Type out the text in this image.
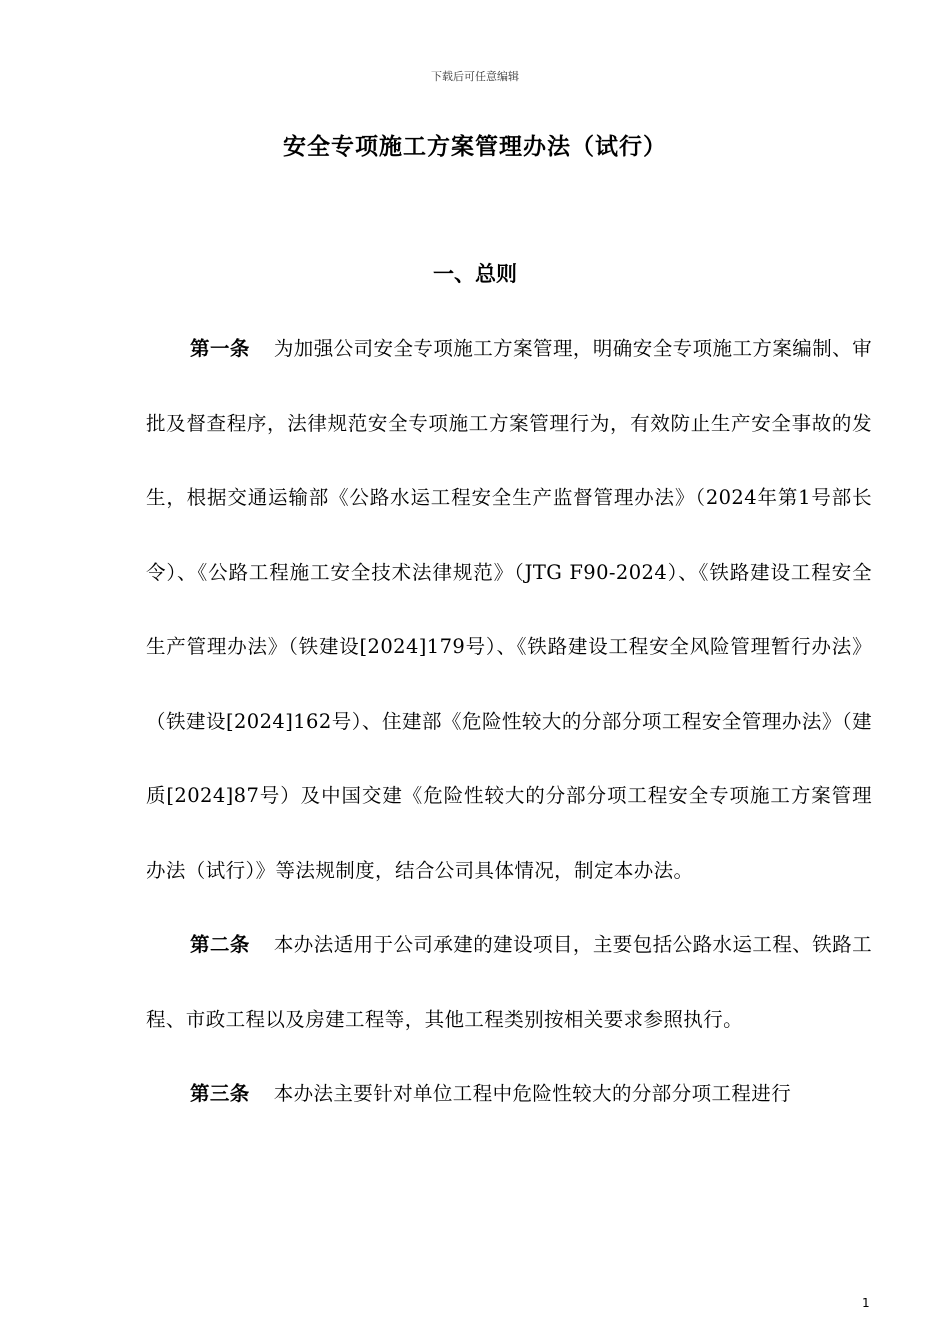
下载后可任意编辑
安全专项施工方案管理办法（试行）
一、总则

第一条 为加强公司安全专项施工方案管理，明确安全专项施工方案编制、审批及督查程序，法律规范安全专项施工方案管理行为，有效防止生产安全事故的发生，根据交通运输部《公路水运工程安全生产监督管理办法》（2024年第1号部长令）、《公路工程施工安全技术法律规范》（JTG F90-2024）、《铁路建设工程安全生产管理办法》（铁建设[2024]179号）、《铁路建设工程安全风险管理暂行办法》（铁建设[2024]162号）、住建部《危险性较大的分部分项工程安全管理办法》（建质[2024]87号）及中国交建《危险性较大的分部分项工程安全专项施工方案管理办法（试行）》等法规制度，结合公司具体情况，制定本办法。

第二条 本办法适用于公司承建的建设项目，主要包括公路水运工程、铁路工程、市政工程以及房建工程等，其他工程类别按相关要求参照执行。

第三条 本办法主要针对单位工程中危险性较大的分部分项工程进行

1
